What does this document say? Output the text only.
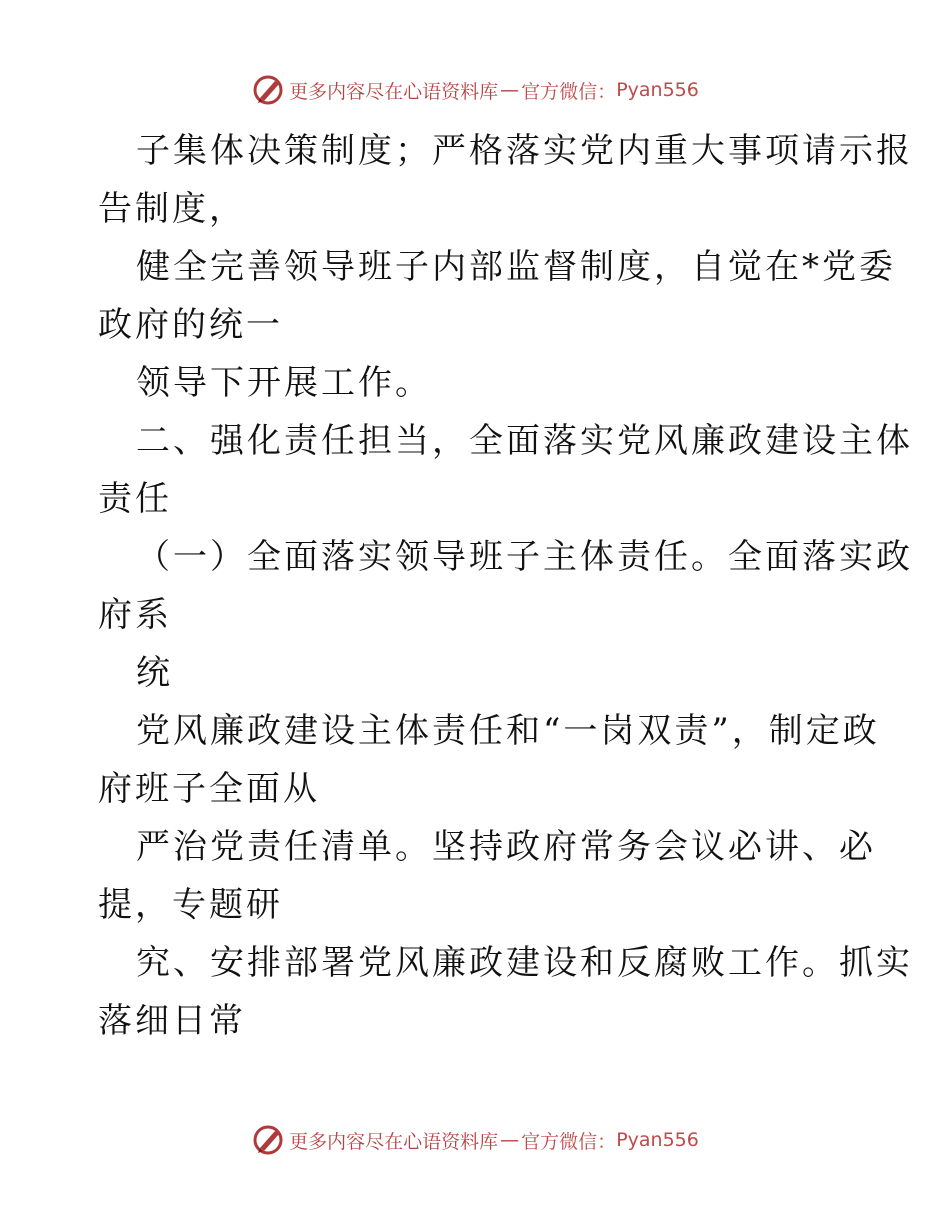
更多内容尽在心语资料库 — 官方微信： Pyan556
子集体决策制度；严格落实党内重大事项请示报
告制度，
健全完善领导班子内部监督制度，自觉在*党委
政府的统一
领导下开展工作。
二、强化责任担当，全面落实党风廉政建设主体
责任
（一）全面落实领导班子主体责任。全面落实政
府系
统
党风廉政建设主体责任和“一岗双责”，制定政
府班子全面从
严治党责任清单。坚持政府常务会议必讲、必
提，专题研
究、安排部署党风廉政建设和反腐败工作。抓实
落细日常
更多内容尽在心语资料库 — 官方微信： Pyan556
